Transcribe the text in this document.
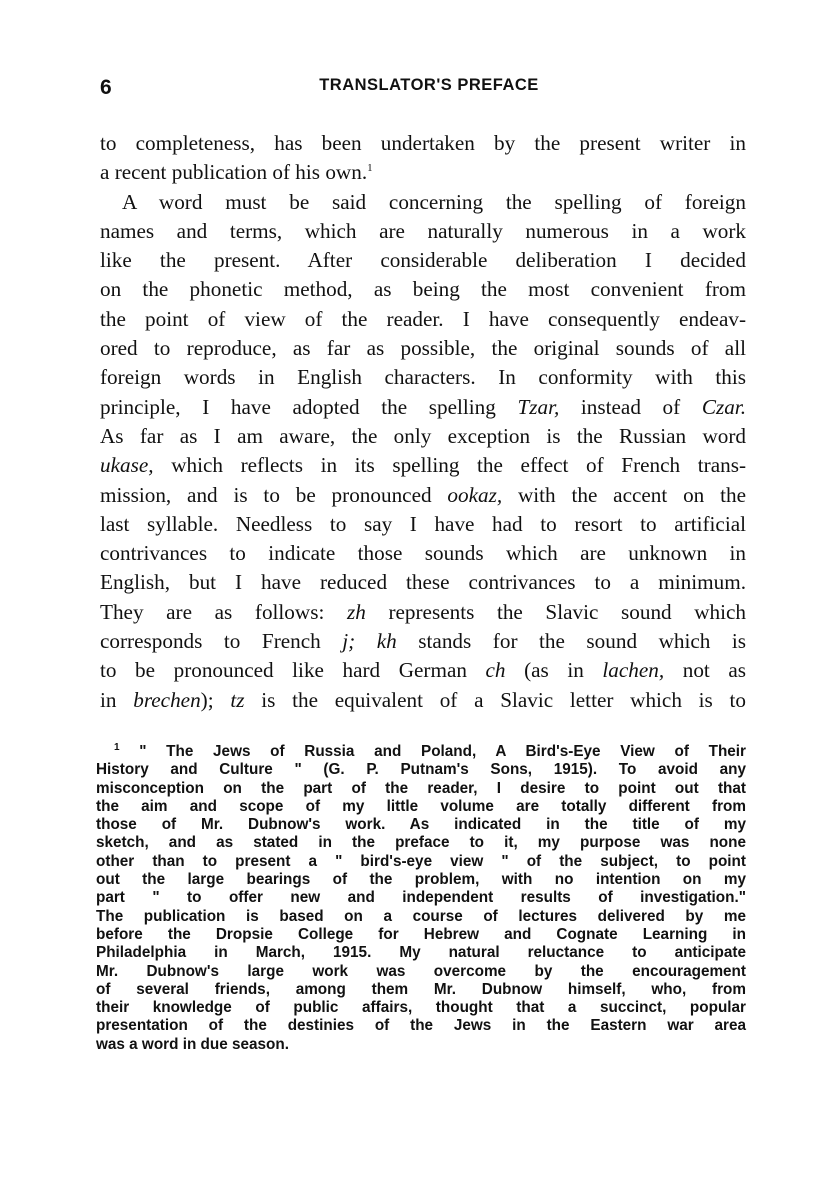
6	TRANSLATOR'S PREFACE
to completeness, has been undertaken by the present writer in
a recent publication of his own.$^1$
A word must be said concerning the spelling of foreign
names and terms, which are naturally numerous in a work
like the present. After considerable deliberation I decided
on the phonetic method, as being the most convenient from
the point of view of the reader. I have consequently endeav-
ored to reproduce, as far as possible, the original sounds of all
foreign words in English characters. In conformity with this
principle, I have adopted the spelling Tzar, instead of Czar.
As far as I am aware, the only exception is the Russian word
ukase, which reflects in its spelling the effect of French trans-
mission, and is to be pronounced ookaz, with the accent on the
last syllable. Needless to say I have had to resort to artificial
contrivances to indicate those sounds which are unknown in
English, but I have reduced these contrivances to a minimum.
They are as follows: zh represents the Slavic sound which
corresponds to French j; kh stands for the sound which is
to be pronounced like hard German ch (as in lachen, not as
in brechen); tz is the equivalent of a Slavic letter which is to
$^1$ " The Jews of Russia and Poland, A Bird's-Eye View of Their
History and Culture " (G. P. Putnam's Sons, 1915). To avoid any
misconception on the part of the reader, I desire to point out that
the aim and scope of my little volume are totally different from
those of Mr. Dubnow's work. As indicated in the title of my
sketch, and as stated in the preface to it, my purpose was none
other than to present a " bird's-eye view " of the subject, to point
out the large bearings of the problem, with no intention on my
part " to offer new and independent results of investigation."
The publication is based on a course of lectures delivered by me
before the Dropsie College for Hebrew and Cognate Learning in
Philadelphia in March, 1915. My natural reluctance to anticipate
Mr. Dubnow's large work was overcome by the encouragement
of several friends, among them Mr. Dubnow himself, who, from
their knowledge of public affairs, thought that a succinct, popular
presentation of the destinies of the Jews in the Eastern war area
was a word in due season.
